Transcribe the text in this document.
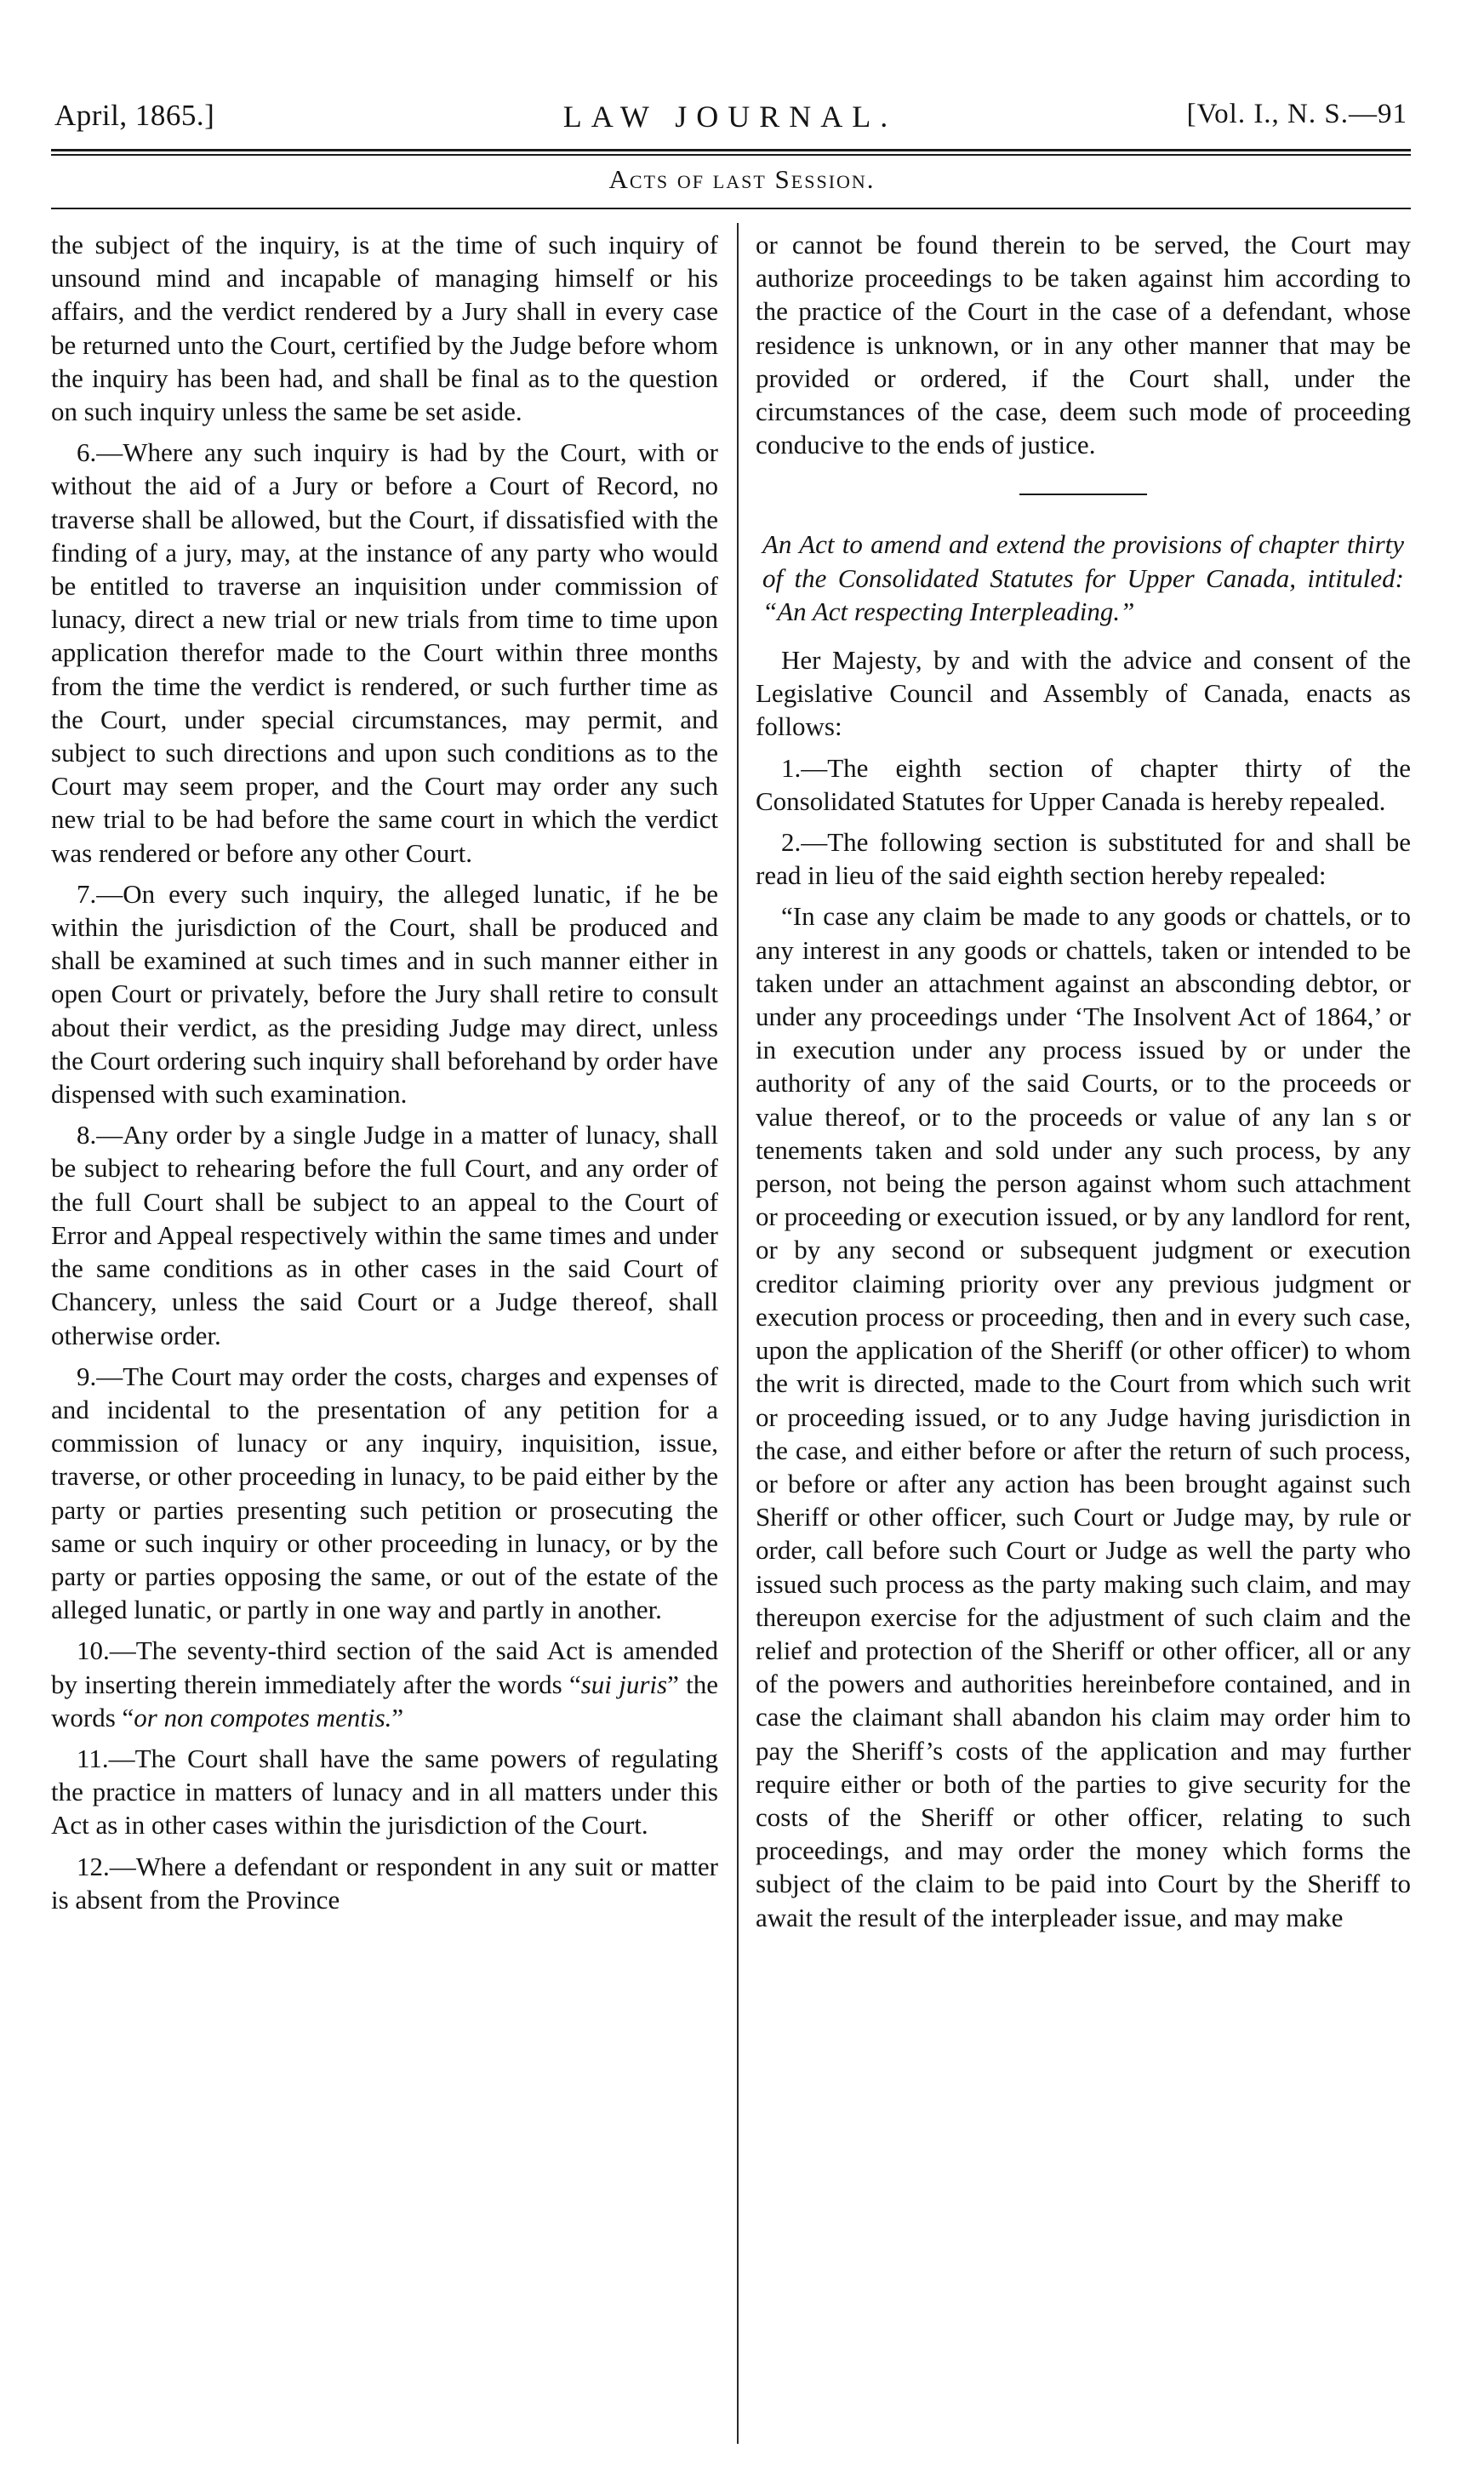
April, 1865.]	LAW JOURNAL.	[Vol. I., N. S.—91
Acts of last Session.

the subject of the inquiry, is at the time of such inquiry of unsound mind and incapable of managing himself or his affairs, and the verdict rendered by a Jury shall in every case be returned unto the Court, certified by the Judge before whom the inquiry has been had, and shall be final as to the question on such inquiry unless the same be set aside.

6.—Where any such inquiry is had by the Court, with or without the aid of a Jury or before a Court of Record, no traverse shall be allowed, but the Court, if dissatisfied with the finding of a jury, may, at the instance of any party who would be entitled to traverse an inquisition under commission of lunacy, direct a new trial or new trials from time to time upon application therefor made to the Court within three months from the time the verdict is rendered, or such further time as the Court, under special circumstances, may permit, and subject to such directions and upon such conditions as to the Court may seem proper, and the Court may order any such new trial to be had before the same court in which the verdict was rendered or before any other Court.

7.—On every such inquiry, the alleged lunatic, if he be within the jurisdiction of the Court, shall be produced and shall be examined at such times and in such manner either in open Court or privately, before the Jury shall retire to consult about their verdict, as the presiding Judge may direct, unless the Court ordering such inquiry shall beforehand by order have dispensed with such examination.

8.—Any order by a single Judge in a matter of lunacy, shall be subject to rehearing before the full Court, and any order of the full Court shall be subject to an appeal to the Court of Error and Appeal respectively within the same times and under the same conditions as in other cases in the said Court of Chancery, unless the said Court or a Judge thereof, shall otherwise order.

9.—The Court may order the costs, charges and expenses of and incidental to the presentation of any petition for a commission of lunacy or any inquiry, inquisition, issue, traverse, or other proceeding in lunacy, to be paid either by the party or parties presenting such petition or prosecuting the same or such inquiry or other proceeding in lunacy, or by the party or parties opposing the same, or out of the estate of the alleged lunatic, or partly in one way and partly in another.

10.—The seventy-third section of the said Act is amended by inserting therein immediately after the words “sui juris” the words “or non compotes mentis.”

11.—The Court shall have the same powers of regulating the practice in matters of lunacy and in all matters under this Act as in other cases within the jurisdiction of the Court.

12.—Where a defendant or respondent in any suit or matter is absent from the Province

or cannot be found therein to be served, the Court may authorize proceedings to be taken against him according to the practice of the Court in the case of a defendant, whose residence is unknown, or in any other manner that may be provided or ordered, if the Court shall, under the circumstances of the case, deem such mode of proceeding conducive to the ends of justice.

An Act to amend and extend the provisions of chapter thirty of the Consolidated Statutes for Upper Canada, intituled: “An Act respecting Interpleading.”

Her Majesty, by and with the advice and consent of the Legislative Council and Assembly of Canada, enacts as follows:

1.—The eighth section of chapter thirty of the Consolidated Statutes for Upper Canada is hereby repealed.

2.—The following section is substituted for and shall be read in lieu of the said eighth section hereby repealed:

“In case any claim be made to any goods or chattels, or to any interest in any goods or chattels, taken or intended to be taken under an attachment against an absconding debtor, or under any proceedings under ‘The Insolvent Act of 1864,’ or in execution under any process issued by or under the authority of any of the said Courts, or to the proceeds or value thereof, or to the proceeds or value of any lan s or tenements taken and sold under any such process, by any person, not being the person against whom such attachment or proceeding or execution issued, or by any landlord for rent, or by any second or subsequent judgment or execution creditor claiming priority over any previous judgment or execution process or proceeding, then and in every such case, upon the application of the Sheriff (or other officer) to whom the writ is directed, made to the Court from which such writ or proceeding issued, or to any Judge having jurisdiction in the case, and either before or after the return of such process, or before or after any action has been brought against such Sheriff or other officer, such Court or Judge may, by rule or order, call before such Court or Judge as well the party who issued such process as the party making such claim, and may thereupon exercise for the adjustment of such claim and the relief and protection of the Sheriff or other officer, all or any of the powers and authorities hereinbefore contained, and in case the claimant shall abandon his claim may order him to pay the Sheriff’s costs of the application and may further require either or both of the parties to give security for the costs of the Sheriff or other officer, relating to such proceedings, and may order the money which forms the subject of the claim to be paid into Court by the Sheriff to await the result of the interpleader issue, and may make
